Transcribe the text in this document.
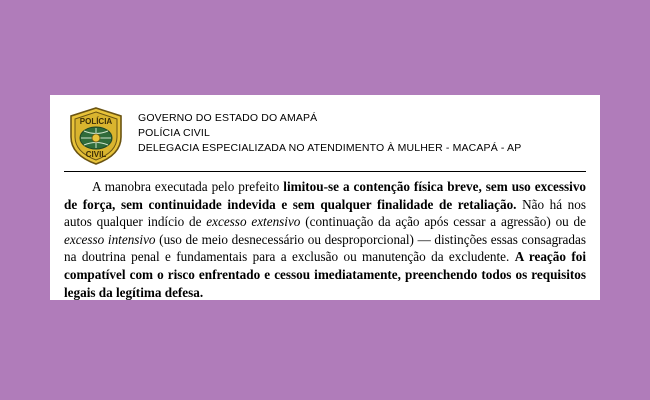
POLÍCIA
CIVIL
GOVERNO DO ESTADO DO AMAPÁ
POLÍCIA CIVIL
DELEGACIA ESPECIALIZADA NO ATENDIMENTO À MULHER - MACAPÁ - AP
A manobra executada pelo prefeito limitou-se a contenção física breve, sem uso excessivo de força, sem continuidade indevida e sem qualquer finalidade de retaliação. Não há nos autos qualquer indício de excesso extensivo (continuação da ação após cessar a agressão) ou de excesso intensivo (uso de meio desnecessário ou desproporcional) — distinções essas consagradas na doutrina penal e fundamentais para a exclusão ou manutenção da excludente. A reação foi compatível com o risco enfrentado e cessou imediatamente, preenchendo todos os requisitos legais da legítima defesa.
